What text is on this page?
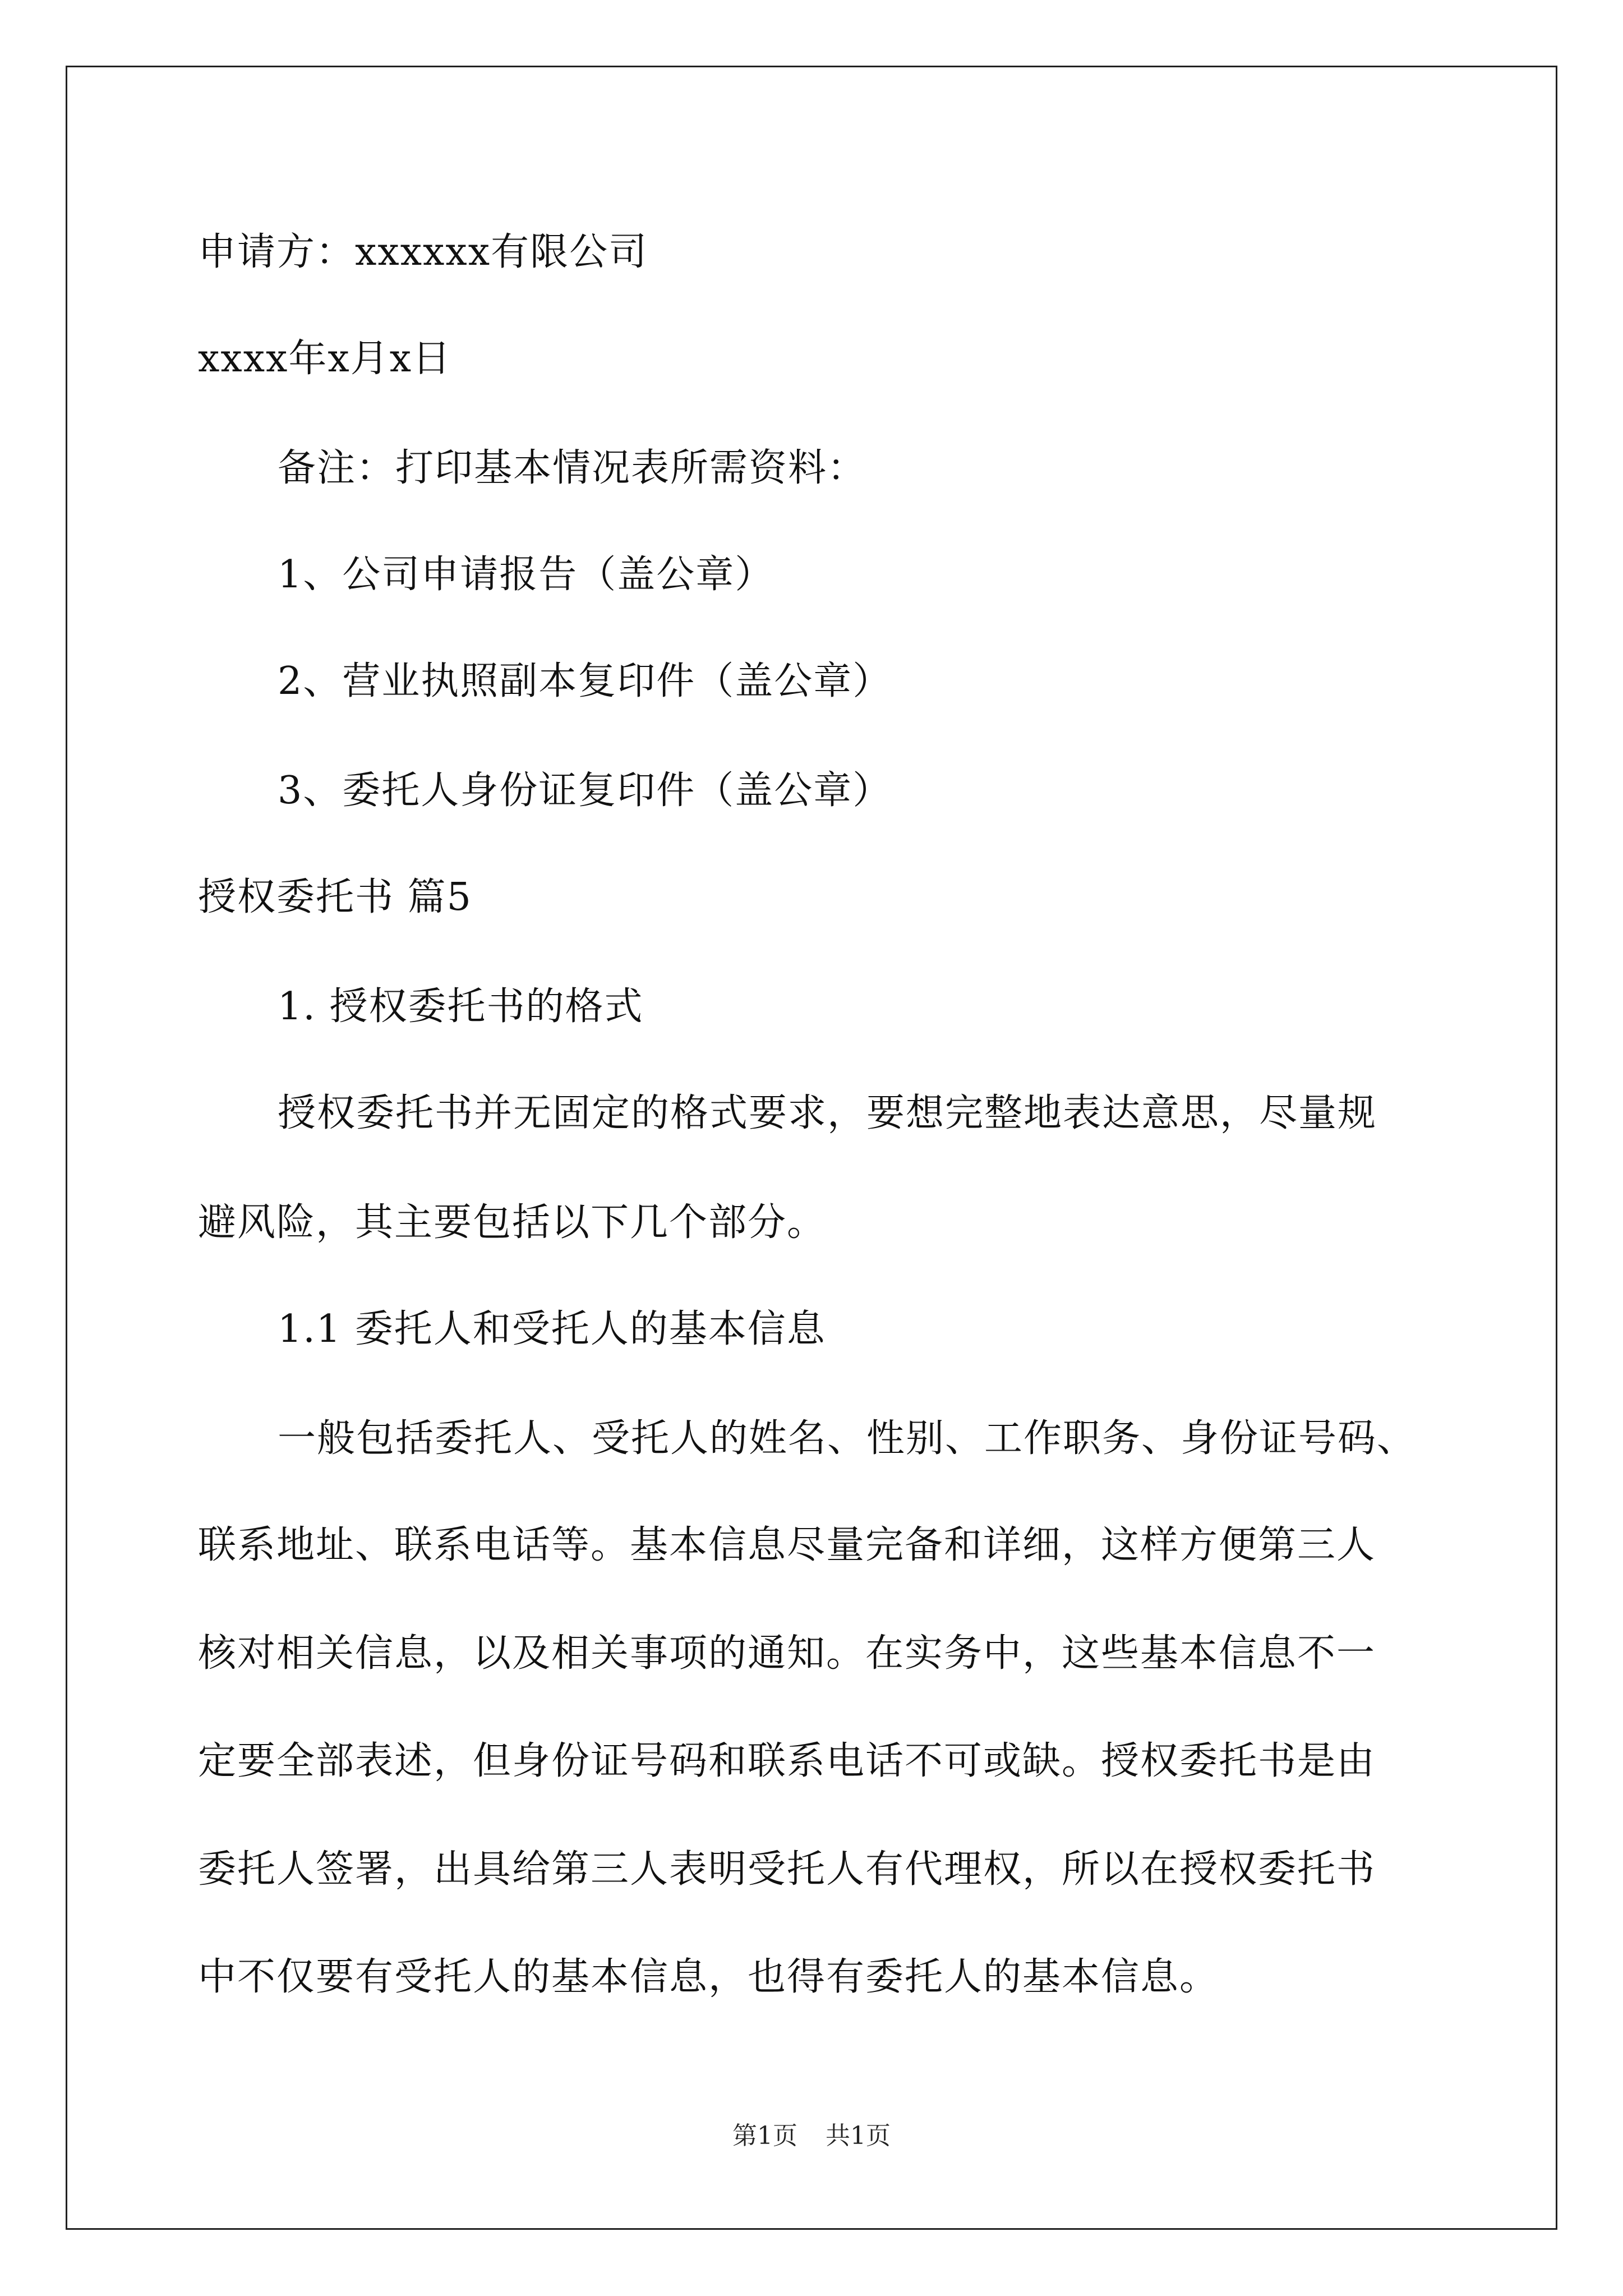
申请方：xxxxxx有限公司
xxxx年x月x日
备注：打印基本情况表所需资料：
1、公司申请报告（盖公章）
2、营业执照副本复印件（盖公章）
3、委托人身份证复印件（盖公章）
授权委托书 篇5
1. 授权委托书的格式
授权委托书并无固定的格式要求，要想完整地表达意思，尽量规
避风险，其主要包括以下几个部分。
1.1 委托人和受托人的基本信息
一般包括委托人、受托人的姓名、性别、工作职务、身份证号码、
联系地址、联系电话等。基本信息尽量完备和详细，这样方便第三人
核对相关信息，以及相关事项的通知。在实务中，这些基本信息不一
定要全部表述，但身份证号码和联系电话不可或缺。授权委托书是由
委托人签署，出具给第三人表明受托人有代理权，所以在授权委托书
中不仅要有受托人的基本信息，也得有委托人的基本信息。
第1页 共1页
